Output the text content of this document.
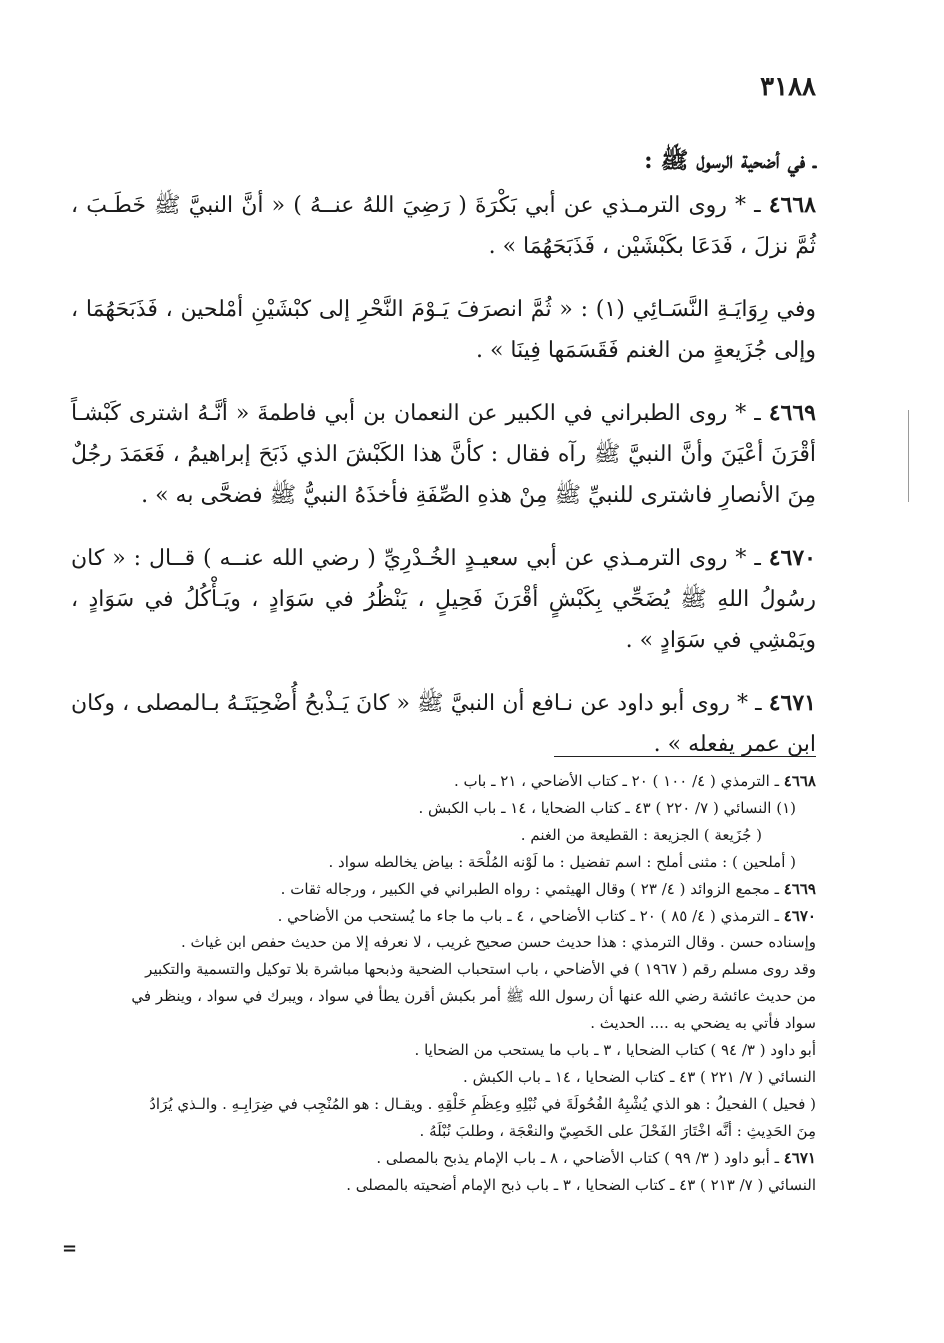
٣١٨٨
ـ في أضحية الرسول ﷺ :

٤٦٦٨ ـ * روى الترمـذي عن أبي بَكْرَةَ ( رَضِيَ اللهُ عنــهُ ) « أنَّ النبيَّ ﷺ خَطَـبَ ، ثُمَّ نزلَ ، فَدَعَا بكَبْشَيْن ، فَذَبَحَهُمَا » .

وفي رِوَايَـةِ النَّسَـائِي (١) : « ثُمَّ انصرَفَ يَـوْمَ النَّحْرِ إلى كبْشَيْنِ أمْلحين ، فَذَبَحَهُمَا ، وإلى جُزَيعةٍ من الغنم فَقَسَمَها فِينَا » .

٤٦٦٩ ـ * روى الطبراني في الكبير عن النعمان بن أبي فاطمةَ « أنَّـهُ اشترى كَبْشـاً أقْرَنَ أعْيَنَ وأنَّ النبيَّ ﷺ رآه فقال : كأنَّ هذا الكَبْشَ الذي ذَبَحَ إبراهيمُ ، فَعَمَدَ رجُلٌ مِنَ الأنصارِ فاشترى للنبيِّ ﷺ مِنْ هذهِ الصِّفَةِ فأخذَهُ النبيُّ ﷺ فضحَّى به » .

٤٦٧٠ ـ * روى الترمـذي عن أبي سعيـدٍ الخُـدْرِيِّ ( رضي الله عنــه ) قــال : « كان رسُولُ اللهِ ﷺ يُضَحِّي بِكَبْشٍ أقْرَنَ فَحِيلٍ ، يَنْظُرُ في سَوَادٍ ، ويَـأْكُلُ في سَوَادٍ ، ويَمْشِي في سَوَادٍ » .

٤٦٧١ ـ * روى أبو داود عن نـافع أن النبيَّ ﷺ « كانَ يَـذْبحُ أُضْحِيَتَـهُ بـالمصلى ، وكان ابن عمر يفعله » .

٤٦٦٨ ـ الترمذي ( ٤/ ١٠٠ ) ٢٠ ـ كتاب الأضاحي ، ٢١ ـ باب .

(١) النسائي ( ٧/ ٢٢٠ ) ٤٣ ـ كتاب الضحايا ، ١٤ ـ باب الكبش .

( جُزَيعة ) الجزيعة : القطيعة من الغنم .

( أملحين ) : مثنى أملح : اسم تفضيل : ما لَوْنه المُلْحَة : بياض يخالطه سواد .

٤٦٦٩ ـ مجمع الزوائد ( ٤/ ٢٣ ) وقال الهيثمي : رواه الطبراني في الكبير ، ورجاله ثقات .

٤٦٧٠ ـ الترمذي ( ٤/ ٨٥ ) ٢٠ ـ كتاب الأضاحي ، ٤ ـ باب ما جاء ما يُستحب من الأضاحي .

وإسناده حسن . وقال الترمذي : هذا حديث حسن صحيح غريب ، لا نعرفه إلا من حديث حفص ابن غياث .

وقد روى مسلم رقم ( ١٩٦٧ ) في الأضاحي ، باب استحباب الضحية وذبحها مباشرة بلا توكيل والتسمية والتكبير

من حديث عائشة رضي الله عنها أن رسول الله ﷺ أمر بكبش أقرن يطأ في سواد ، ويبرك في سواد ، وينظر في

سواد فأتي به يضحي به .... الحديث .

أبو داود ( ٣/ ٩٤ ) كتاب الضحايا ، ٣ ـ باب ما يستحب من الضحايا .

النسائي ( ٧/ ٢٢١ ) ٤٣ ـ كتاب الضحايا ، ١٤ ـ باب الكبش .

( فحيل ) الفحيلُ : هو الذي يُشْبِهُ الفُحُولَةَ في نُبْلِهِ وعِظَمِ خَلْقِهِ . ويقـال : هو المُنْجِب في ضِرَابِـهِ . والـذي يُرَادُ

مِنَ الحَدِيثِ : أنَّه اخْتَارَ الفَحْلَ على الخَصِيّ والنعْجَة ، وطلبَ نُبْلَهُ .

٤٦٧١ ـ أبو داود ( ٣/ ٩٩ ) كتاب الأضاحي ، ٨ ـ باب الإمام يذبح بالمصلى .

النسائي ( ٧/ ٢١٣ ) ٤٣ ـ كتاب الضحايا ، ٣ ـ باب ذبح الإمام أضحيته بالمصلى .

=
